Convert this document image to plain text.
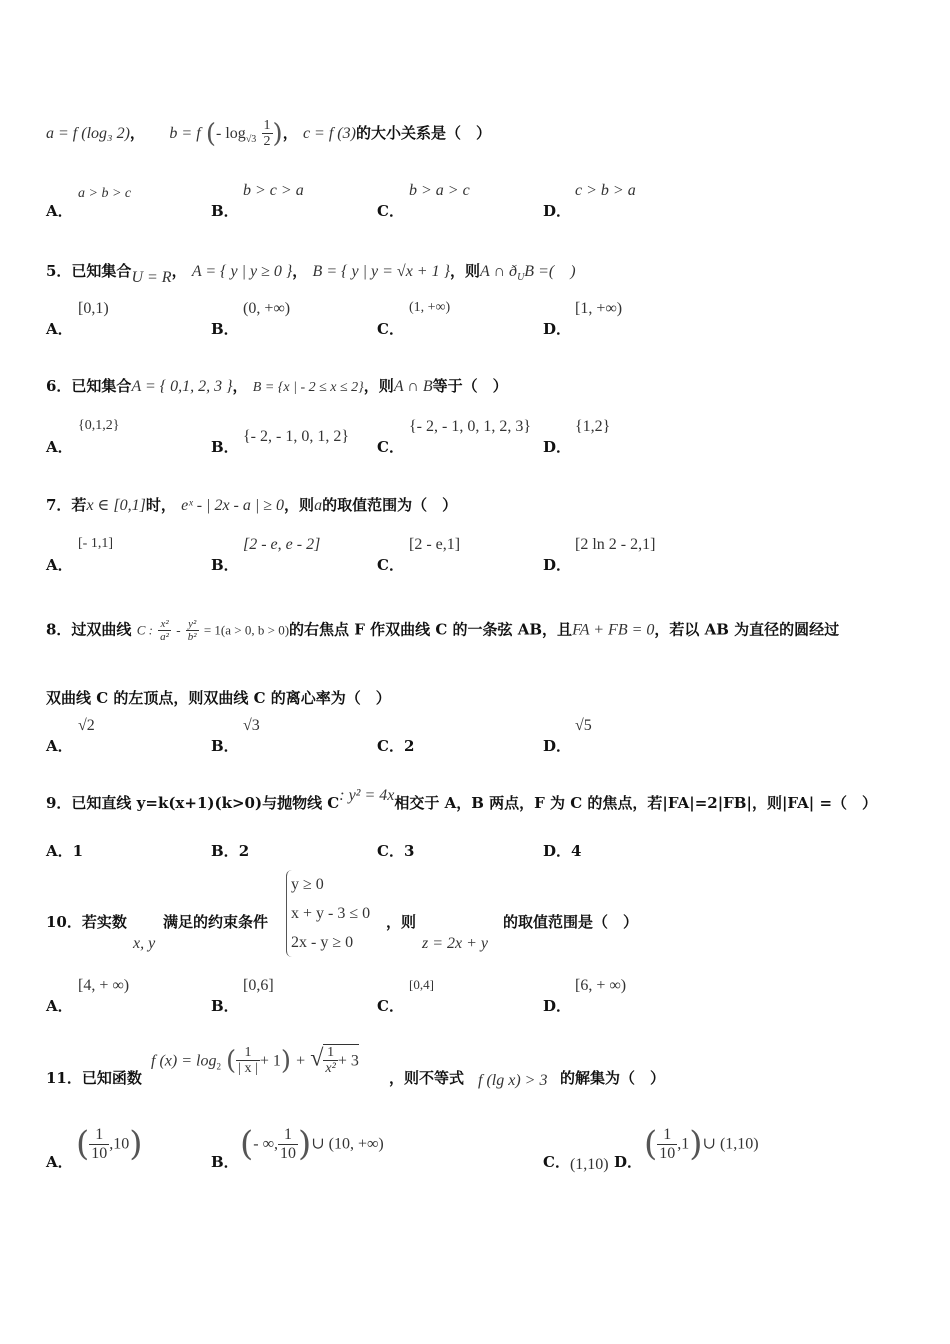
a = f (log₃ 2)， b = f (- $\log_{√3} \frac{1}{2}$ )， c = f (3)的大小关系是（　）
A．
a > b > c
B．
b > c > a
C．
b > a > c
D．
c > b > a
5．已知集合U = R， A = { y | y ≥ 0 }， B = { y | y = √x + 1 }，则A ∩ $ð_UB$ =(　)
A．
[0,1)
B．
(0, +∞)
C．
(1, +∞)
D．
[1, +∞)
6．已知集合A = { 0,1, 2, 3 }， B = {x | - 2 ≤ x ≤ 2}，则A ∩ B等于（　）
A．
{0,1,2}
B．
{- 2, - 1, 0, 1, 2}
C．
{- 2, - 1, 0, 1, 2, 3}
D．
{1,2}
7．若x ∈ [0,1]时， eˣ - | 2x - a | ≥ 0，则a的取值范围为（　）
A．
[- 1,1]
B．
[2 - e, e - 2]
C．
[2 - e,1]
D．
[2 ln 2 - 2,1]
8．过双曲线 C : $\frac{\text{x²}}{\text{a²}} - \frac{\text{y²}}{\text{b²}} = 1(a > 0$, b > 0)的右焦点 F 作双曲线 C 的一条弦 AB，且FA + FB = 0，若以 AB 为直径的圆经过
双曲线 C 的左顶点，则双曲线 C 的离心率为（　）
A．
√2
B．
√3
C．2	D．
√5
9．已知直线 y=k(x+1)(k>0)与抛物线 C: y² = 4x相交于 A，B 两点，F 为 C 的焦点，若|FA|=2|FB|，则|FA| =（　）
A．1	B．2	C．3	D．4
10．若实数
x, y
满足的约束条件
y ≥ 0
x + y - 3 ≤ 0
2x - y ≥ 0
，则
z = 2x + y
的取值范围是（　）
A．
[4, + ∞)
B．
[0,6]
C．
[0,4]
D．
[6, + ∞)
11．已知函数
f $(x) = \log_2$ ( $\frac{1}{| x |} + 1$) + √ $\frac{1}{\text{x²}} + 3$
，则不等式 f (lg x) > 3 的解集为（　）
A． ( $\frac{1}{10} ,10$)	B． (- ∞, $\frac{1}{10}$ )∪ (10, +∞)
C．(1,10) D． ( $\frac{1}{10}$ ,1)∪ (1,10)
